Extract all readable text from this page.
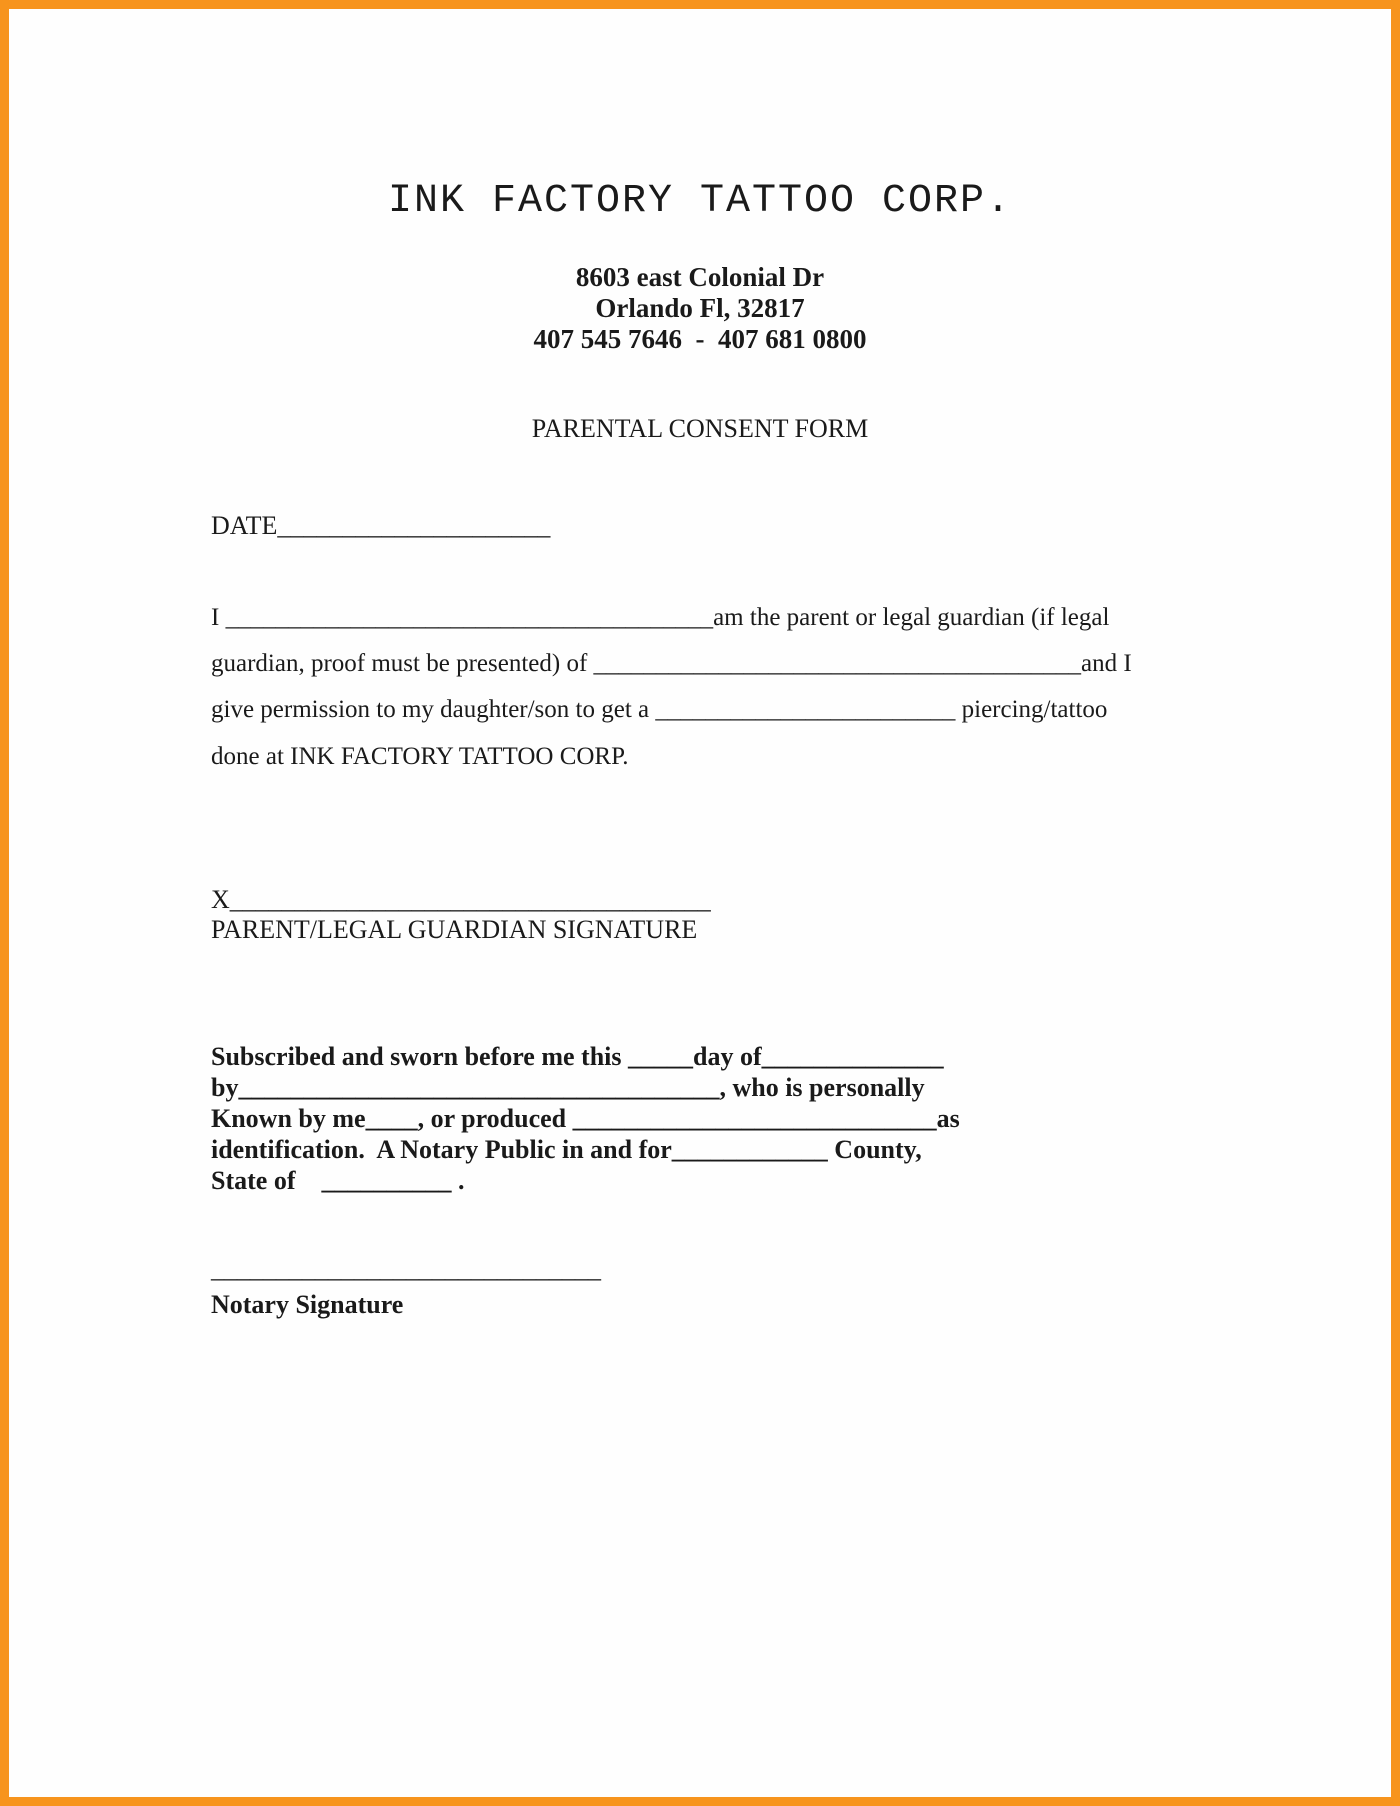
INK FACTORY TATTOO CORP.
8603 east Colonial Dr
Orlando Fl, 32817
407 545 7646  -  407 681 0800
PARENTAL CONSENT FORM
DATE_____________________
I _______________________________________am the parent or legal guardian (if legal
guardian, proof must be presented) of _______________________________________and I
give permission to my daughter/son to get a ________________________ piercing/tattoo
done at INK FACTORY TATTOO CORP.
X_____________________________________
PARENT/LEGAL GUARDIAN SIGNATURE
Subscribed and sworn before me this _____day of______________
by_____________________________________, who is personally
Known by me____, or produced ____________________________as
identification.  A Notary Public in and for____________ County,
State of    __________ .
______________________________
Notary Signature
